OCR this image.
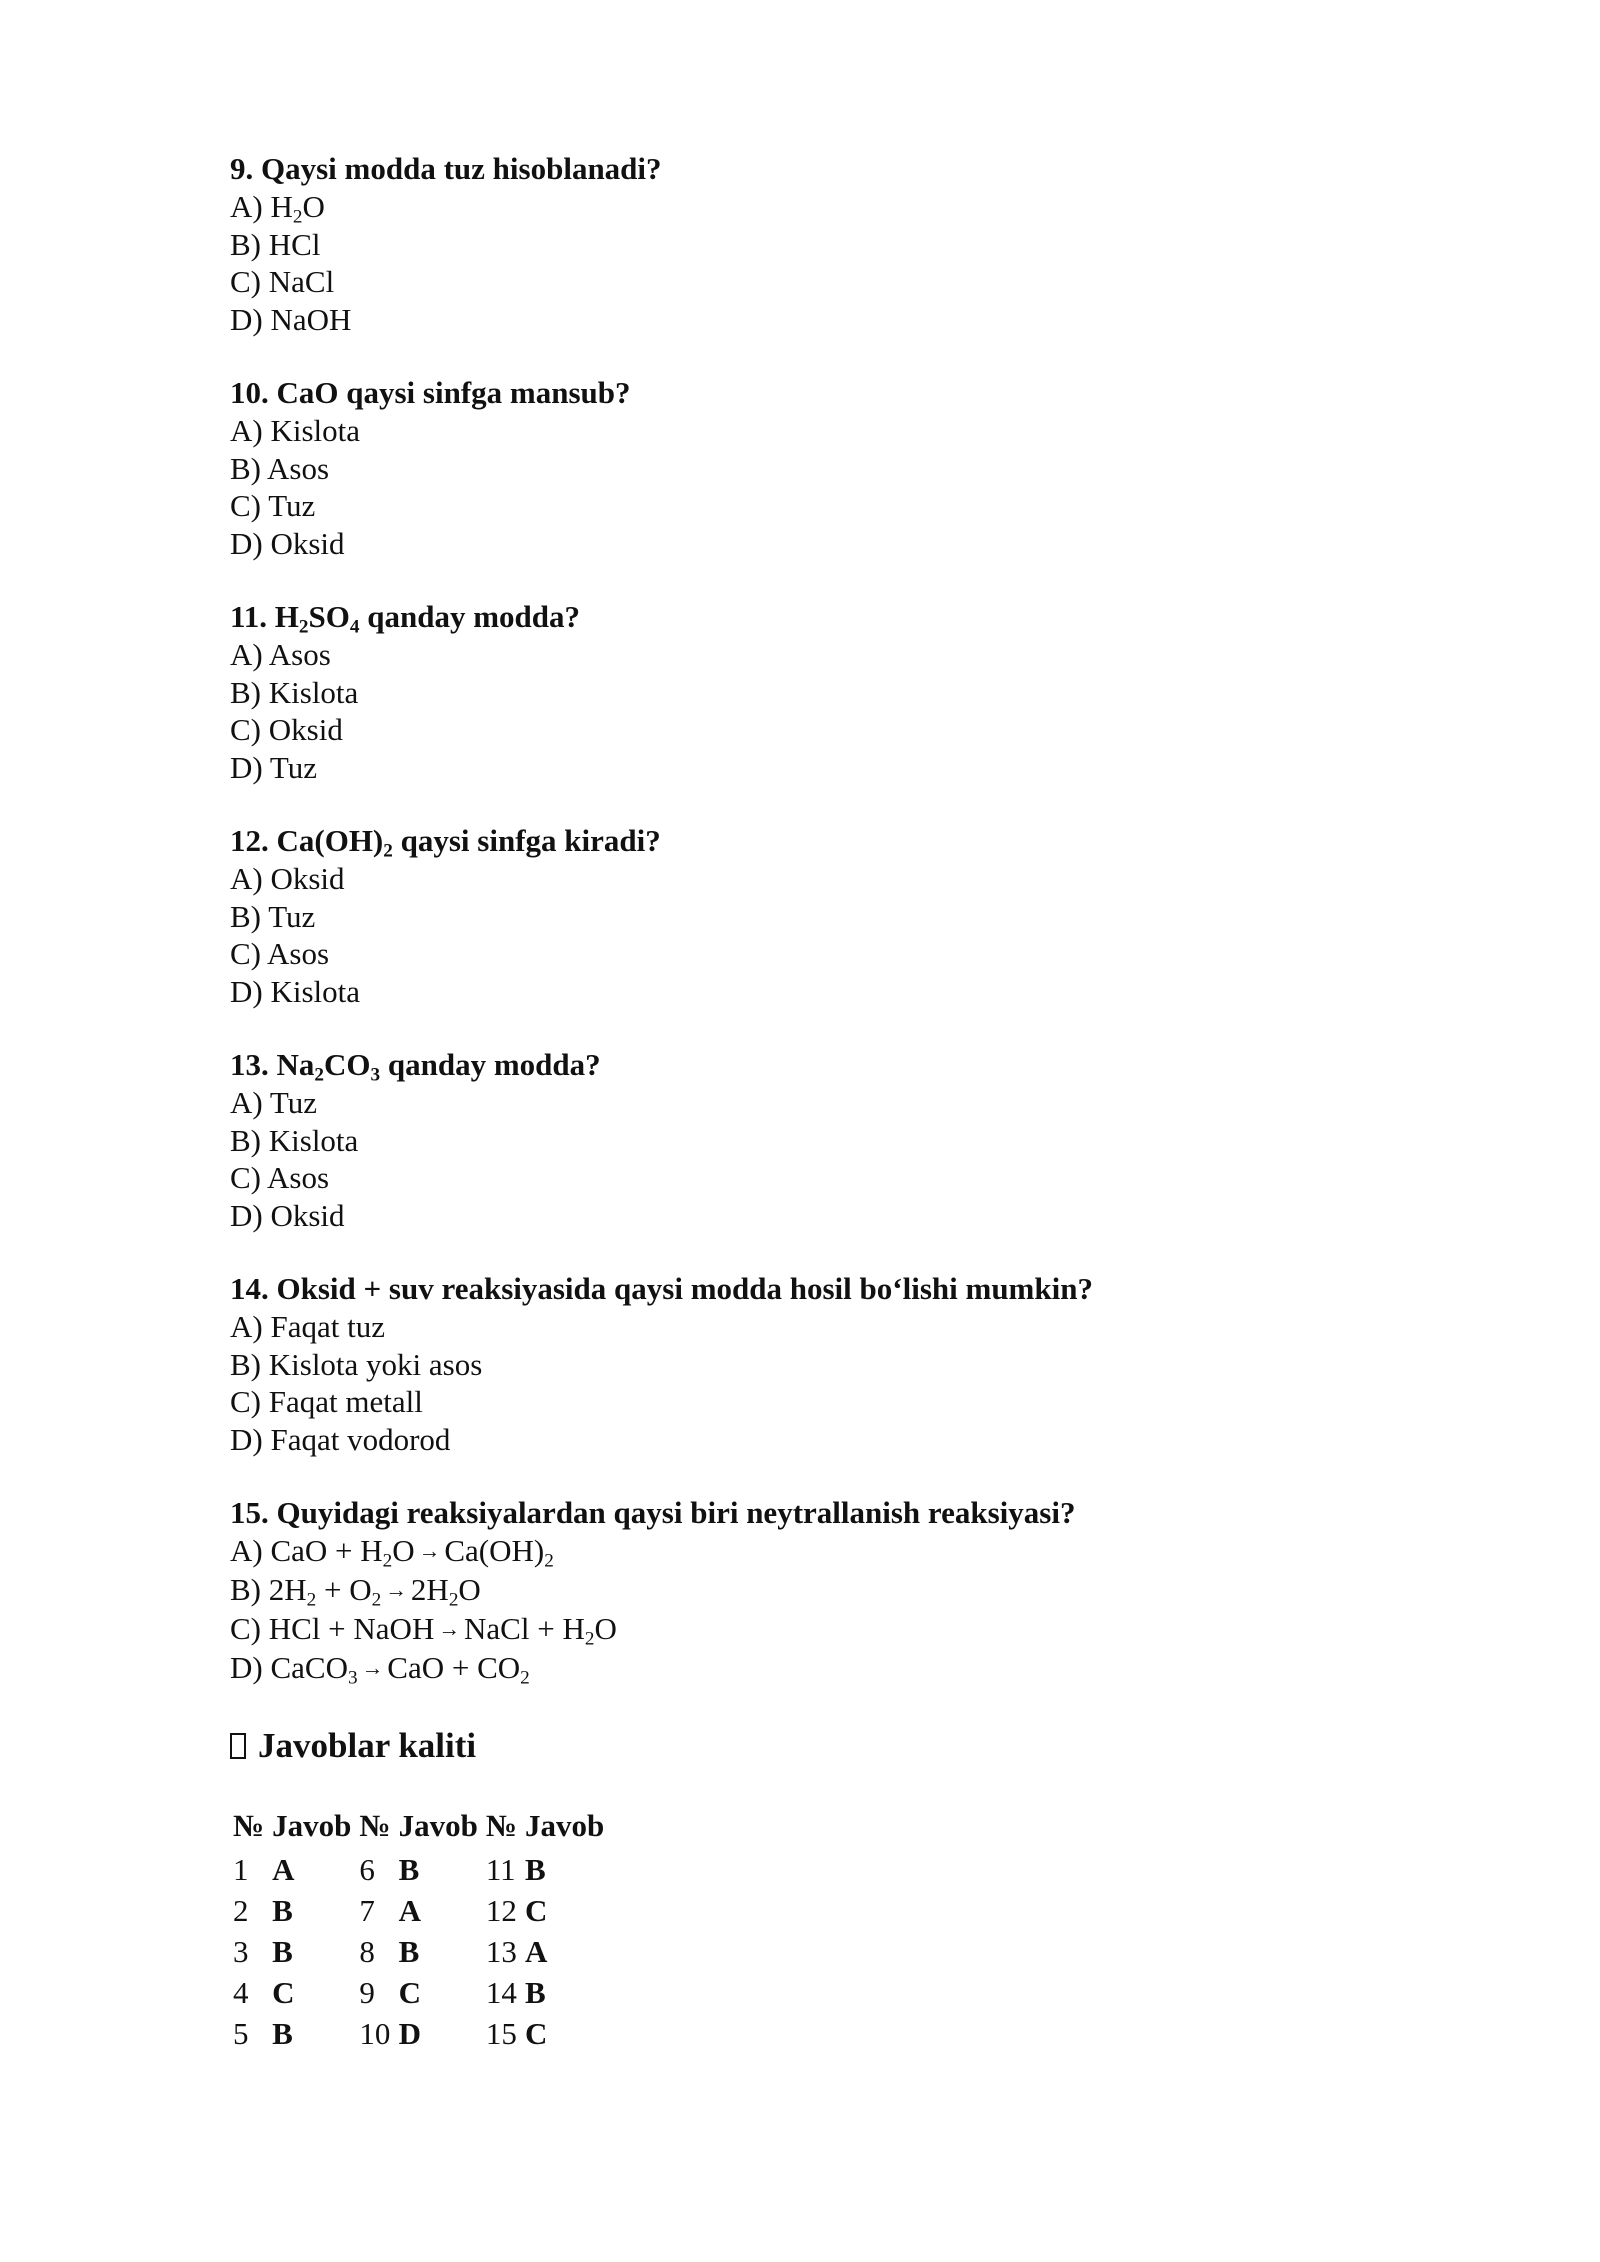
9. Qaysi modda tuz hisoblanadi?

A) $H_2O$

B) HCl

C) NaCl

D) NaOH

10. CaO qaysi sinfga mansub?

A) Kislota

B) Asos

C) Tuz

D) Oksid

11. $H_2SO_4$ qanday modda?

A) Asos

B) Kislota

C) Oksid

D) Tuz

12. $Ca(OH)_2$ qaysi sinfga kiradi?

A) Oksid

B) Tuz

C) Asos

D) Kislota

13. $Na_2CO_3$ qanday modda?

A) Tuz

B) Kislota

C) Asos

D) Oksid

14. Oksid + suv reaksiyasida qaysi modda hosil bo‘lishi mumkin?

A) Faqat tuz

B) Kislota yoki asos

C) Faqat metall

D) Faqat vodorod

15. Quyidagi reaksiyalardan qaysi biri neytrallanish reaksiyasi?

A) CaO + $H_2O \to Ca(OH)_2$

B) $2H_2 + O_2 \to 2H_2O$

C) HCl + NaOH → NaCl + $H_2O$

D) CaCO$_3$ → CaO + $CO_2$

Javoblar kaliti
№	Javob	№	Javob	№	Javob
1	A	6	B	11	B
2	B	7	A	12	C
3	B	8	B	13	A
4	C	9	C	14	B
5	B	10	D	15	C
